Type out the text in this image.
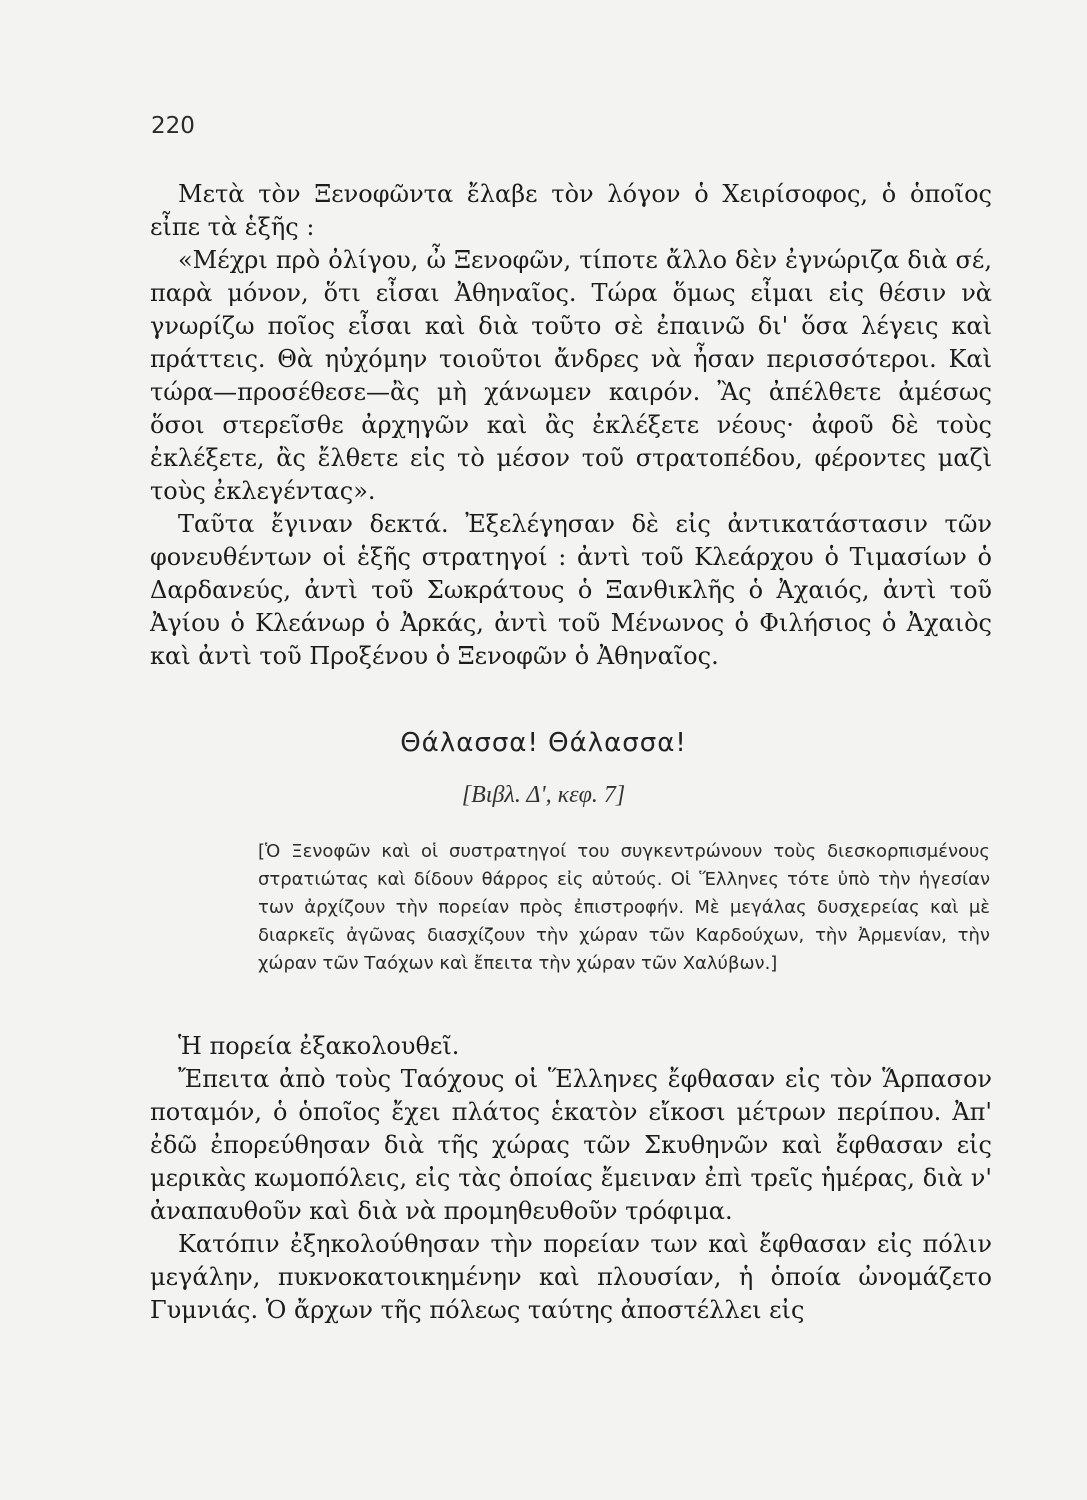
220

Μετὰ τὸν Ξενοφῶντα ἔλαβε τὸν λόγον ὁ Χειρίσοφος, ὁ ὁποῖος εἶπε τὰ ἑξῆς :

«Μέχρι πρὸ ὀλίγου, ὦ Ξενοφῶν, τίποτε ἄλλο δὲν ἐγνώριζα διὰ σέ, παρὰ μόνον, ὅτι εἶσαι Ἀθηναῖος. Τώρα ὅμως εἶμαι εἰς θέσιν νὰ γνωρίζω ποῖος εἶσαι καὶ διὰ τοῦτο σὲ ἐπαινῶ δι' ὅσα λέγεις καὶ πράττεις. Θὰ ηὐχόμην τοιοῦτοι ἄνδρες νὰ ἦσαν περισσότεροι. Καὶ τώρα—προσέθεσε—ἂς μὴ χάνωμεν καιρόν. Ἂς ἀπέλθετε ἀμέσως ὅσοι στερεῖσθε ἀρχηγῶν καὶ ἂς ἐκλέξετε νέους· ἀφοῦ δὲ τοὺς ἐκλέξετε, ἂς ἔλθετε εἰς τὸ μέσον τοῦ στρατοπέδου, φέροντες μαζὶ τοὺς ἐκλεγέντας».

Ταῦτα ἔγιναν δεκτά. Ἐξελέγησαν δὲ εἰς ἀντικατάστασιν τῶν φονευθέντων οἱ ἑξῆς στρατηγοί : ἀντὶ τοῦ Κλεάρχου ὁ Τιμασίων ὁ Δαρδανεύς, ἀντὶ τοῦ Σωκράτους ὁ Ξανθικλῆς ὁ Ἀχαιός, ἀντὶ τοῦ Ἀγίου ὁ Κλεάνωρ ὁ Ἀρκάς, ἀντὶ τοῦ Μένωνος ὁ Φιλήσιος ὁ Ἀχαιὸς καὶ ἀντὶ τοῦ Προξένου ὁ Ξενοφῶν ὁ Ἀθηναῖος.

Θάλασσα! Θάλασσα!
[Βιβλ. Δ', κεφ. 7]

[Ὁ Ξενοφῶν καὶ οἱ συστρατηγοί του συγκεντρώνουν τοὺς διεσκορπισμένους στρατιώτας καὶ δίδουν θάρρος εἰς αὐτούς. Οἱ Ἕλληνες τότε ὑπὸ τὴν ἡγεσίαν των ἀρχίζουν τὴν πορείαν πρὸς ἐπιστροφήν. Μὲ μεγάλας δυσχερείας καὶ μὲ διαρκεῖς ἀγῶνας διασχίζουν τὴν χώραν τῶν Καρδούχων, τὴν Ἀρμενίαν, τὴν χώραν τῶν Ταόχων καὶ ἔπειτα τὴν χώραν τῶν Χαλύβων.]

Ἡ πορεία ἐξακολουθεῖ.

Ἔπειτα ἀπὸ τοὺς Ταόχους οἱ Ἕλληνες ἔφθασαν εἰς τὸν Ἅρπασον ποταμόν, ὁ ὁποῖος ἔχει πλάτος ἑκατὸν εἴκοσι μέτρων περίπου. Ἀπ' ἐδῶ ἐπορεύθησαν διὰ τῆς χώρας τῶν Σκυθηνῶν καὶ ἔφθασαν εἰς μερικὰς κωμοπόλεις, εἰς τὰς ὁποίας ἔμειναν ἐπὶ τρεῖς ἡμέρας, διὰ ν' ἀναπαυθοῦν καὶ διὰ νὰ προμηθευθοῦν τρόφιμα.

Κατόπιν ἐξηκολούθησαν τὴν πορείαν των καὶ ἔφθασαν εἰς πόλιν μεγάλην, πυκνοκατοικημένην καὶ πλουσίαν, ἡ ὁποία ὠνομάζετο Γυμνιάς. Ὁ ἄρχων τῆς πόλεως ταύτης ἀποστέλλει εἰς
